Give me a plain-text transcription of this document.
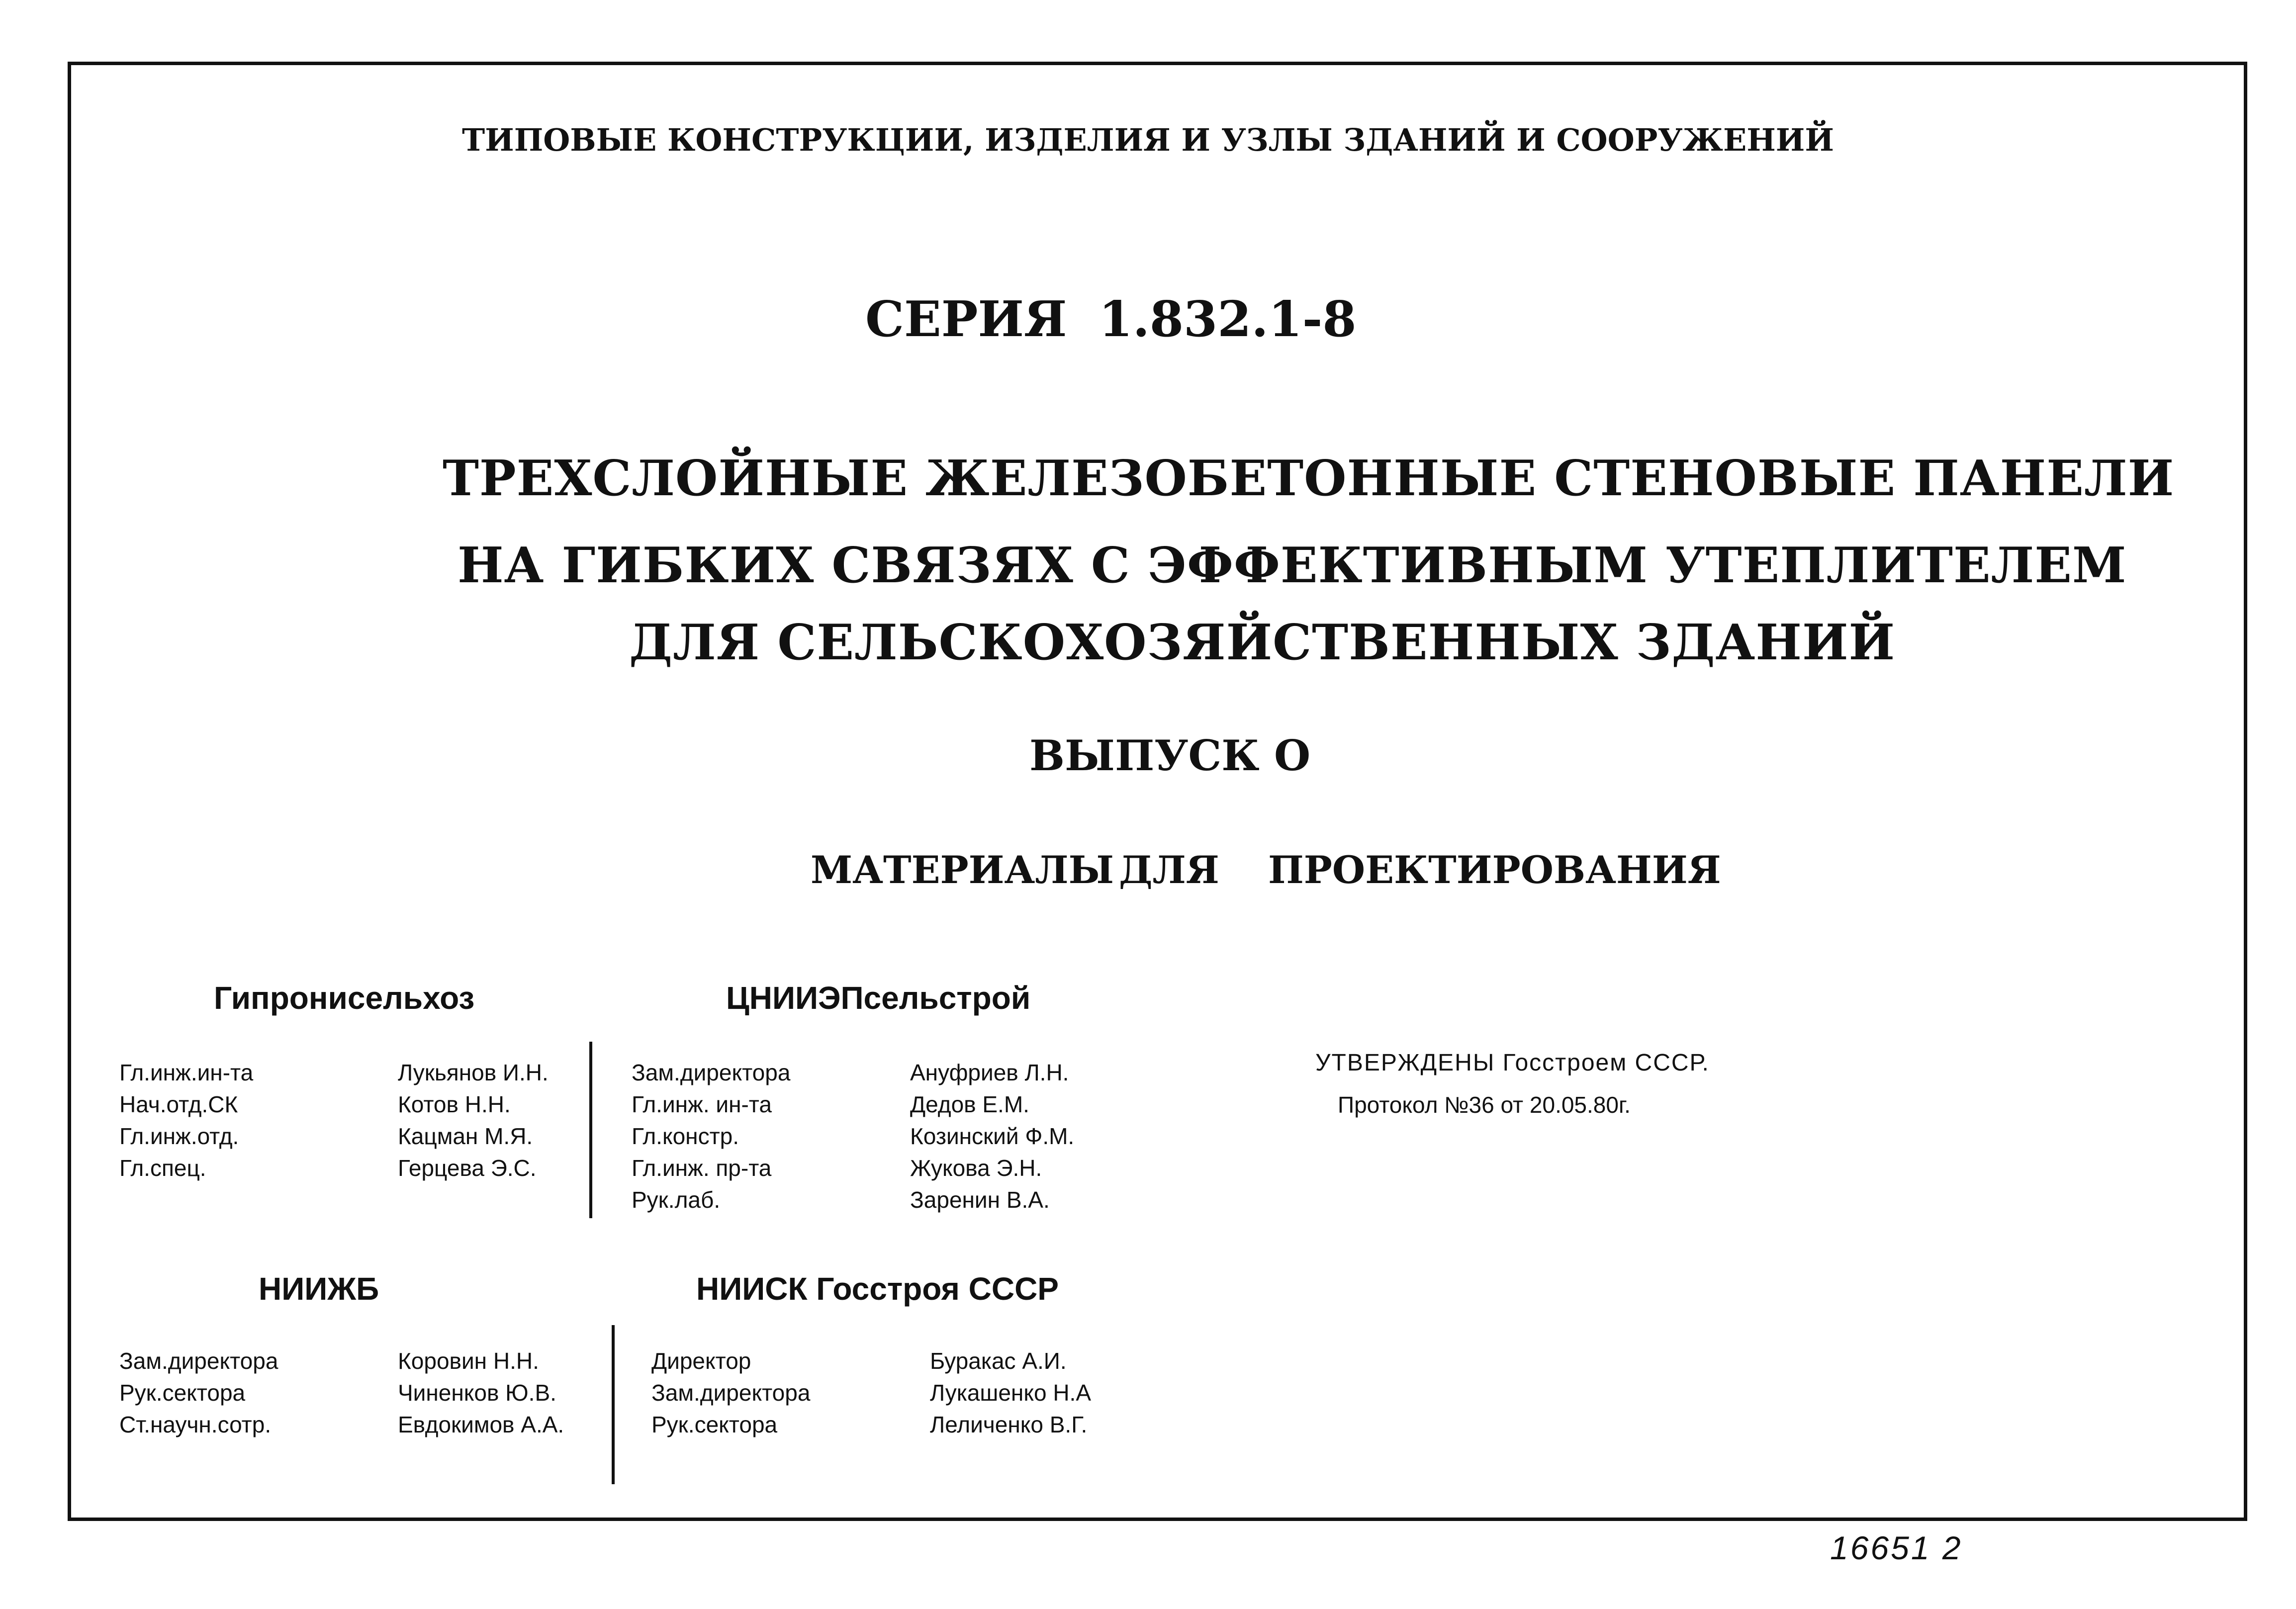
ТИПОВЫЕ КОНСТРУКЦИИ, ИЗДЕЛИЯ И УЗЛЫ ЗДАНИЙ И СООРУЖЕНИЙ
СЕРИЯ 1.832.1-8
ТРЕХСЛОЙНЫЕ ЖЕЛЕЗОБЕТОННЫЕ СТЕНОВЫЕ ПАНЕЛИ
НА ГИБКИХ СВЯЗЯХ С ЭФФЕКТИВНЫМ УТЕПЛИТЕЛЕМ
ДЛЯ СЕЛЬСКОХОЗЯЙСТВЕННЫХ ЗДАНИЙ
ВЫПУСК О
МАТЕРИАЛЫ ДЛЯ ПРОЕКТИРОВАНИЯ
Гипронисельхоз
Гл.инж.ин-та	Лукьянов И.Н.
Нач.отд.СК	Котов Н.Н.
Гл.инж.отд.	Кацман М.Я.
Гл.спец.	Герцева Э.С.
ЦНИИЭПсельстрой
Зам.директора	Ануфриев Л.Н.
Гл.инж. ин-та	Дедов Е.М.
Гл.констр.	Козинский Ф.М.
Гл.инж. пр-та	Жукова Э.Н.
Рук.лаб.	Заренин В.А.
НИИЖБ
Зам.директора	Коровин Н.Н.
Рук.сектора	Чиненков Ю.В.
Ст.научн.сотр.	Евдокимов А.А.
НИИСК Госстроя СССР
Директор	Буракас А.И.
Зам.директора	Лукашенко Н.А
Рук.сектора	Леличенко В.Г.
УТВЕРЖДЕНЫ Госстроем СССР.
Протокол №36 от 20.05.80г.
16651 2
